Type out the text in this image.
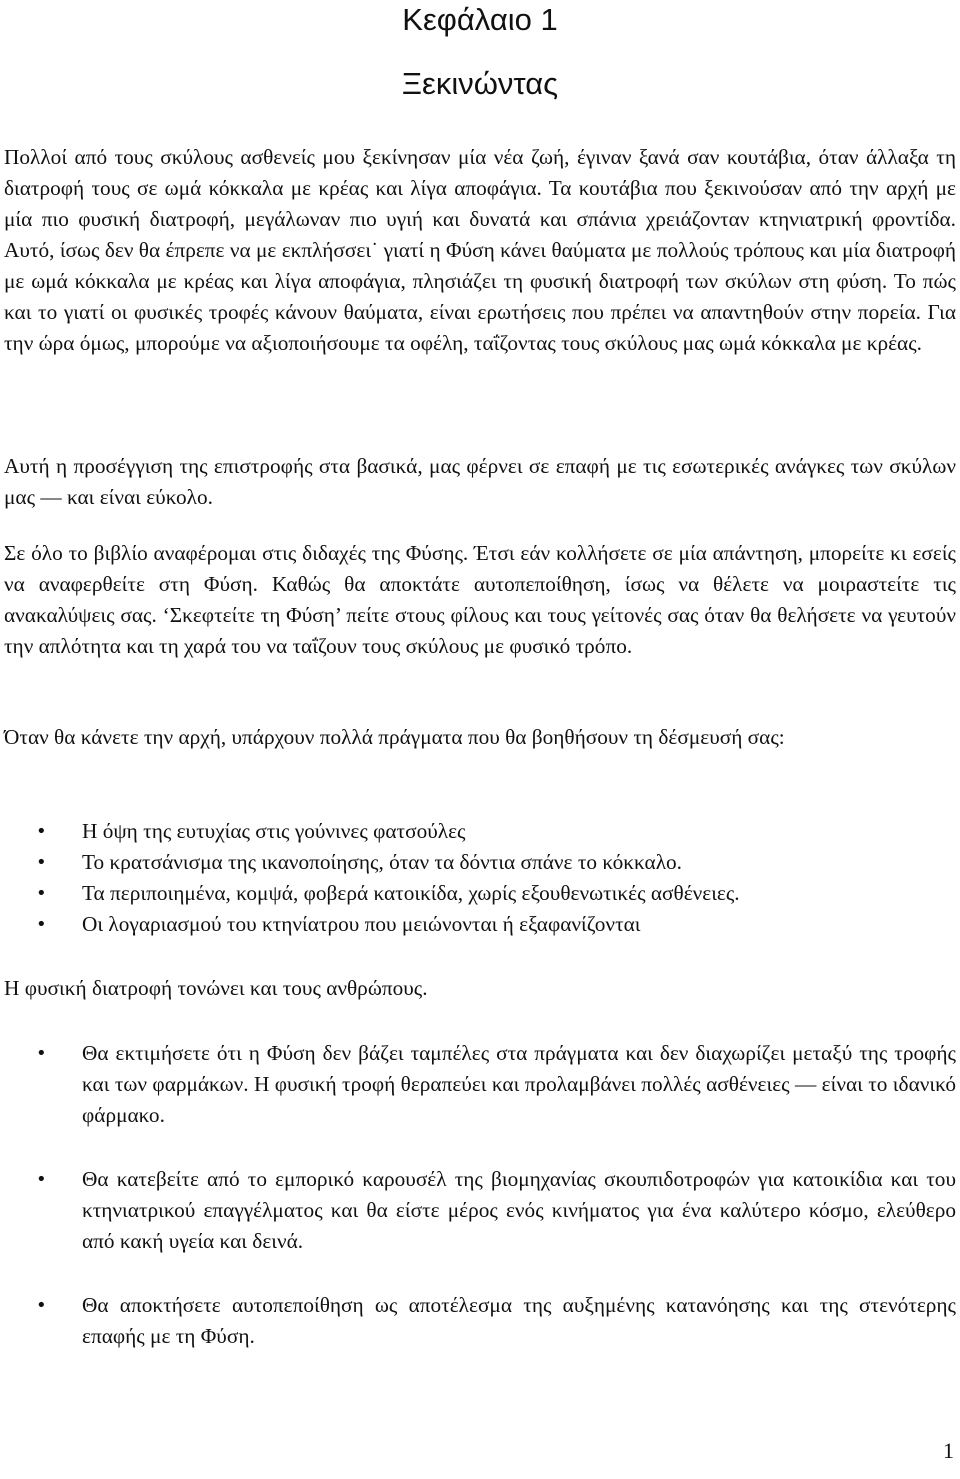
Κεφάλαιο 1
Ξεκινώντας

Πολλοί από τους σκύλους ασθενείς μου ξεκίνησαν μία νέα ζωή, έγιναν ξανά σαν κουτάβια, όταν άλλαξα τη διατροφή τους σε ωμά κόκκαλα με κρέας και λίγα αποφάγια. Τα κουτάβια που ξεκινούσαν από την αρχή με μία πιο φυσική διατροφή, μεγάλωναν πιο υγιή και δυνατά και σπάνια χρειάζονταν κτηνιατρική φροντίδα. Αυτό, ίσως δεν θα έπρεπε να με εκπλήσσει˙ γιατί η Φύση κάνει θαύματα με πολλούς τρόπους και μία διατροφή με ωμά κόκκαλα με κρέας και λίγα αποφάγια, πλησιάζει τη φυσική διατροφή των σκύλων στη φύση. Το πώς και το γιατί οι φυσικές τροφές κάνουν θαύματα, είναι ερωτήσεις που πρέπει να απαντηθούν στην πορεία. Για την ώρα όμως, μπορούμε να αξιοποιήσουμε τα οφέλη, ταΐζοντας τους σκύλους μας ωμά κόκκαλα με κρέας.

Αυτή η προσέγγιση της επιστροφής στα βασικά, μας φέρνει σε επαφή με τις εσωτερικές ανάγκες των σκύλων μας — και είναι εύκολο.

Σε όλο το βιβλίο αναφέρομαι στις διδαχές της Φύσης. Έτσι εάν κολλήσετε σε μία απάντηση, μπορείτε κι εσείς να αναφερθείτε στη Φύση. Καθώς θα αποκτάτε αυτοπεποίθηση, ίσως να θέλετε να μοιραστείτε τις ανακαλύψεις σας. ‘Σκεφτείτε τη Φύση’ πείτε στους φίλους και τους γείτονές σας όταν θα θελήσετε να γευτούν την απλότητα και τη χαρά του να ταΐζουν τους σκύλους με φυσικό τρόπο.

Όταν θα κάνετε την αρχή, υπάρχουν πολλά πράγματα που θα βοηθήσουν τη δέσμευσή σας:

• Η όψη της ευτυχίας στις γούνινες φατσούλες
• Το κρατσάνισμα της ικανοποίησης, όταν τα δόντια σπάνε το κόκκαλο.
• Τα περιποιημένα, κομψά, φοβερά κατοικίδα, χωρίς εξουθενωτικές ασθένειες.
• Οι λογαριασμού του κτηνίατρου που μειώνονται ή εξαφανίζονται

Η φυσική διατροφή τονώνει και τους ανθρώπους.

• Θα εκτιμήσετε ότι η Φύση δεν βάζει ταμπέλες στα πράγματα και δεν διαχωρίζει μεταξύ της τροφής και των φαρμάκων. Η φυσική τροφή θεραπεύει και προλαμβάνει πολλές ασθένειες — είναι το ιδανικό φάρμακο.
• Θα κατεβείτε από το εμπορικό καρουσέλ της βιομηχανίας σκουπιδοτροφών για κατοικίδια και του κτηνιατρικού επαγγέλματος και θα είστε μέρος ενός κινήματος για ένα καλύτερο κόσμο, ελεύθερο από κακή υγεία και δεινά.
• Θα αποκτήσετε αυτοπεποίθηση ως αποτέλεσμα της αυξημένης κατανόησης και της στενότερης επαφής με τη Φύση.
1
